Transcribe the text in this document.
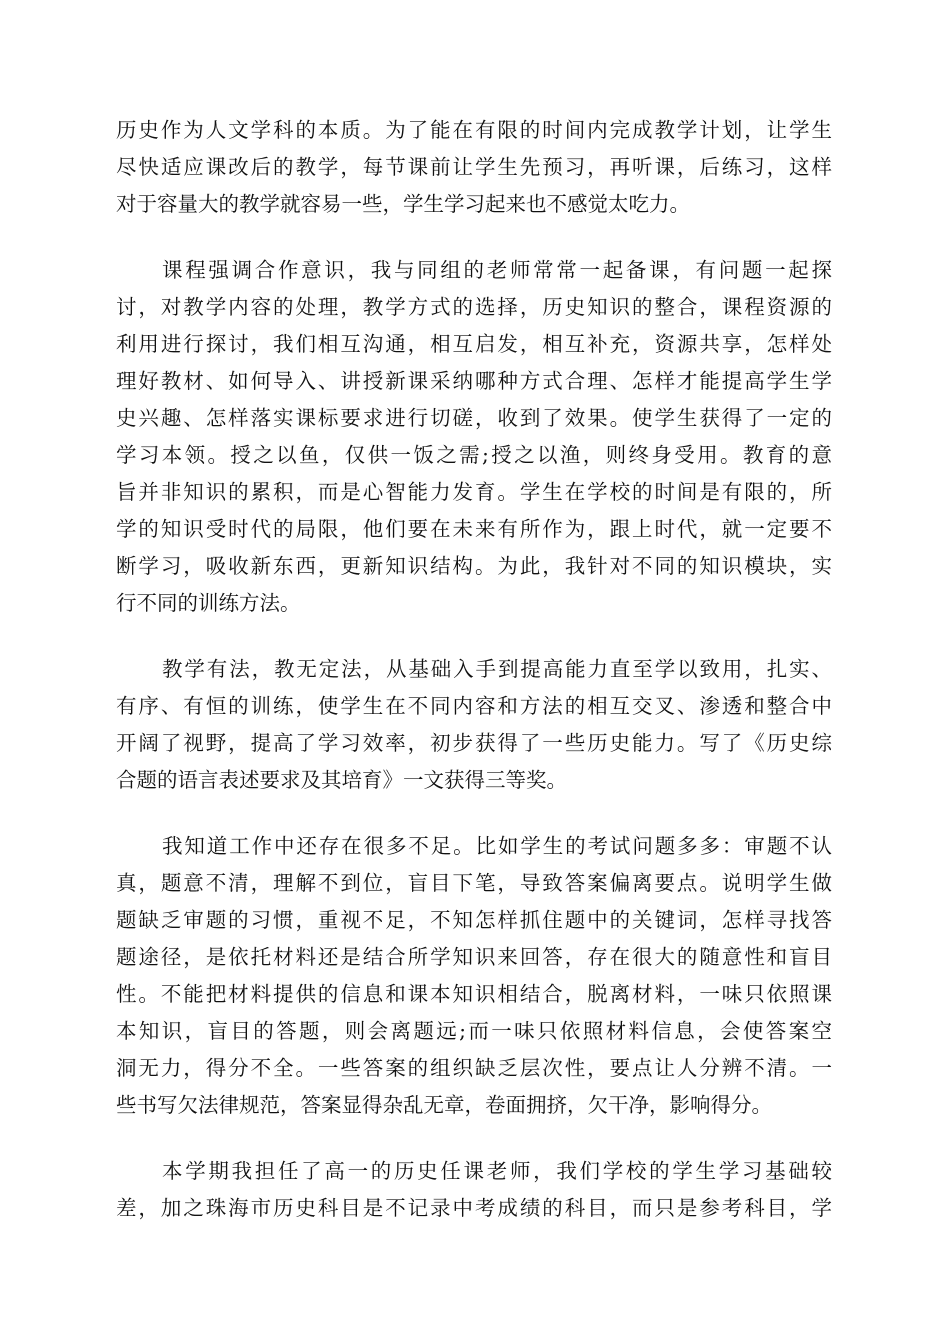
历史作为人文学科的本质。为了能在有限的时间内完成教学计划，让学生
尽快适应课改后的教学，每节课前让学生先预习，再听课，后练习，这样
对于容量大的教学就容易一些，学生学习起来也不感觉太吃力。
课程强调合作意识，我与同组的老师常常一起备课，有问题一起探
讨，对教学内容的处理，教学方式的选择，历史知识的整合，课程资源的
利用进行探讨，我们相互沟通，相互启发，相互补充，资源共享，怎样处
理好教材、如何导入、讲授新课采纳哪种方式合理、怎样才能提高学生学
史兴趣、怎样落实课标要求进行切磋，收到了效果。使学生获得了一定的
学习本领。授之以鱼，仅供一饭之需;授之以渔，则终身受用。教育的意
旨并非知识的累积，而是心智能力发育。学生在学校的时间是有限的，所
学的知识受时代的局限，他们要在未来有所作为，跟上时代，就一定要不
断学习，吸收新东西，更新知识结构。为此，我针对不同的知识模块，实
行不同的训练方法。
教学有法，教无定法，从基础入手到提高能力直至学以致用，扎实、
有序、有恒的训练，使学生在不同内容和方法的相互交叉、渗透和整合中
开阔了视野，提高了学习效率，初步获得了一些历史能力。写了《历史综
合题的语言表述要求及其培育》一文获得三等奖。
我知道工作中还存在很多不足。比如学生的考试问题多多：审题不认
真，题意不清，理解不到位，盲目下笔，导致答案偏离要点。说明学生做
题缺乏审题的习惯，重视不足，不知怎样抓住题中的关键词，怎样寻找答
题途径，是依托材料还是结合所学知识来回答，存在很大的随意性和盲目
性。不能把材料提供的信息和课本知识相结合，脱离材料，一味只依照课
本知识，盲目的答题，则会离题远;而一味只依照材料信息，会使答案空
洞无力，得分不全。一些答案的组织缺乏层次性，要点让人分辨不清。一
些书写欠法律规范，答案显得杂乱无章，卷面拥挤，欠干净，影响得分。
本学期我担任了高一的历史任课老师，我们学校的学生学习基础较
差，加之珠海市历史科目是不记录中考成绩的科目，而只是参考科目，学
